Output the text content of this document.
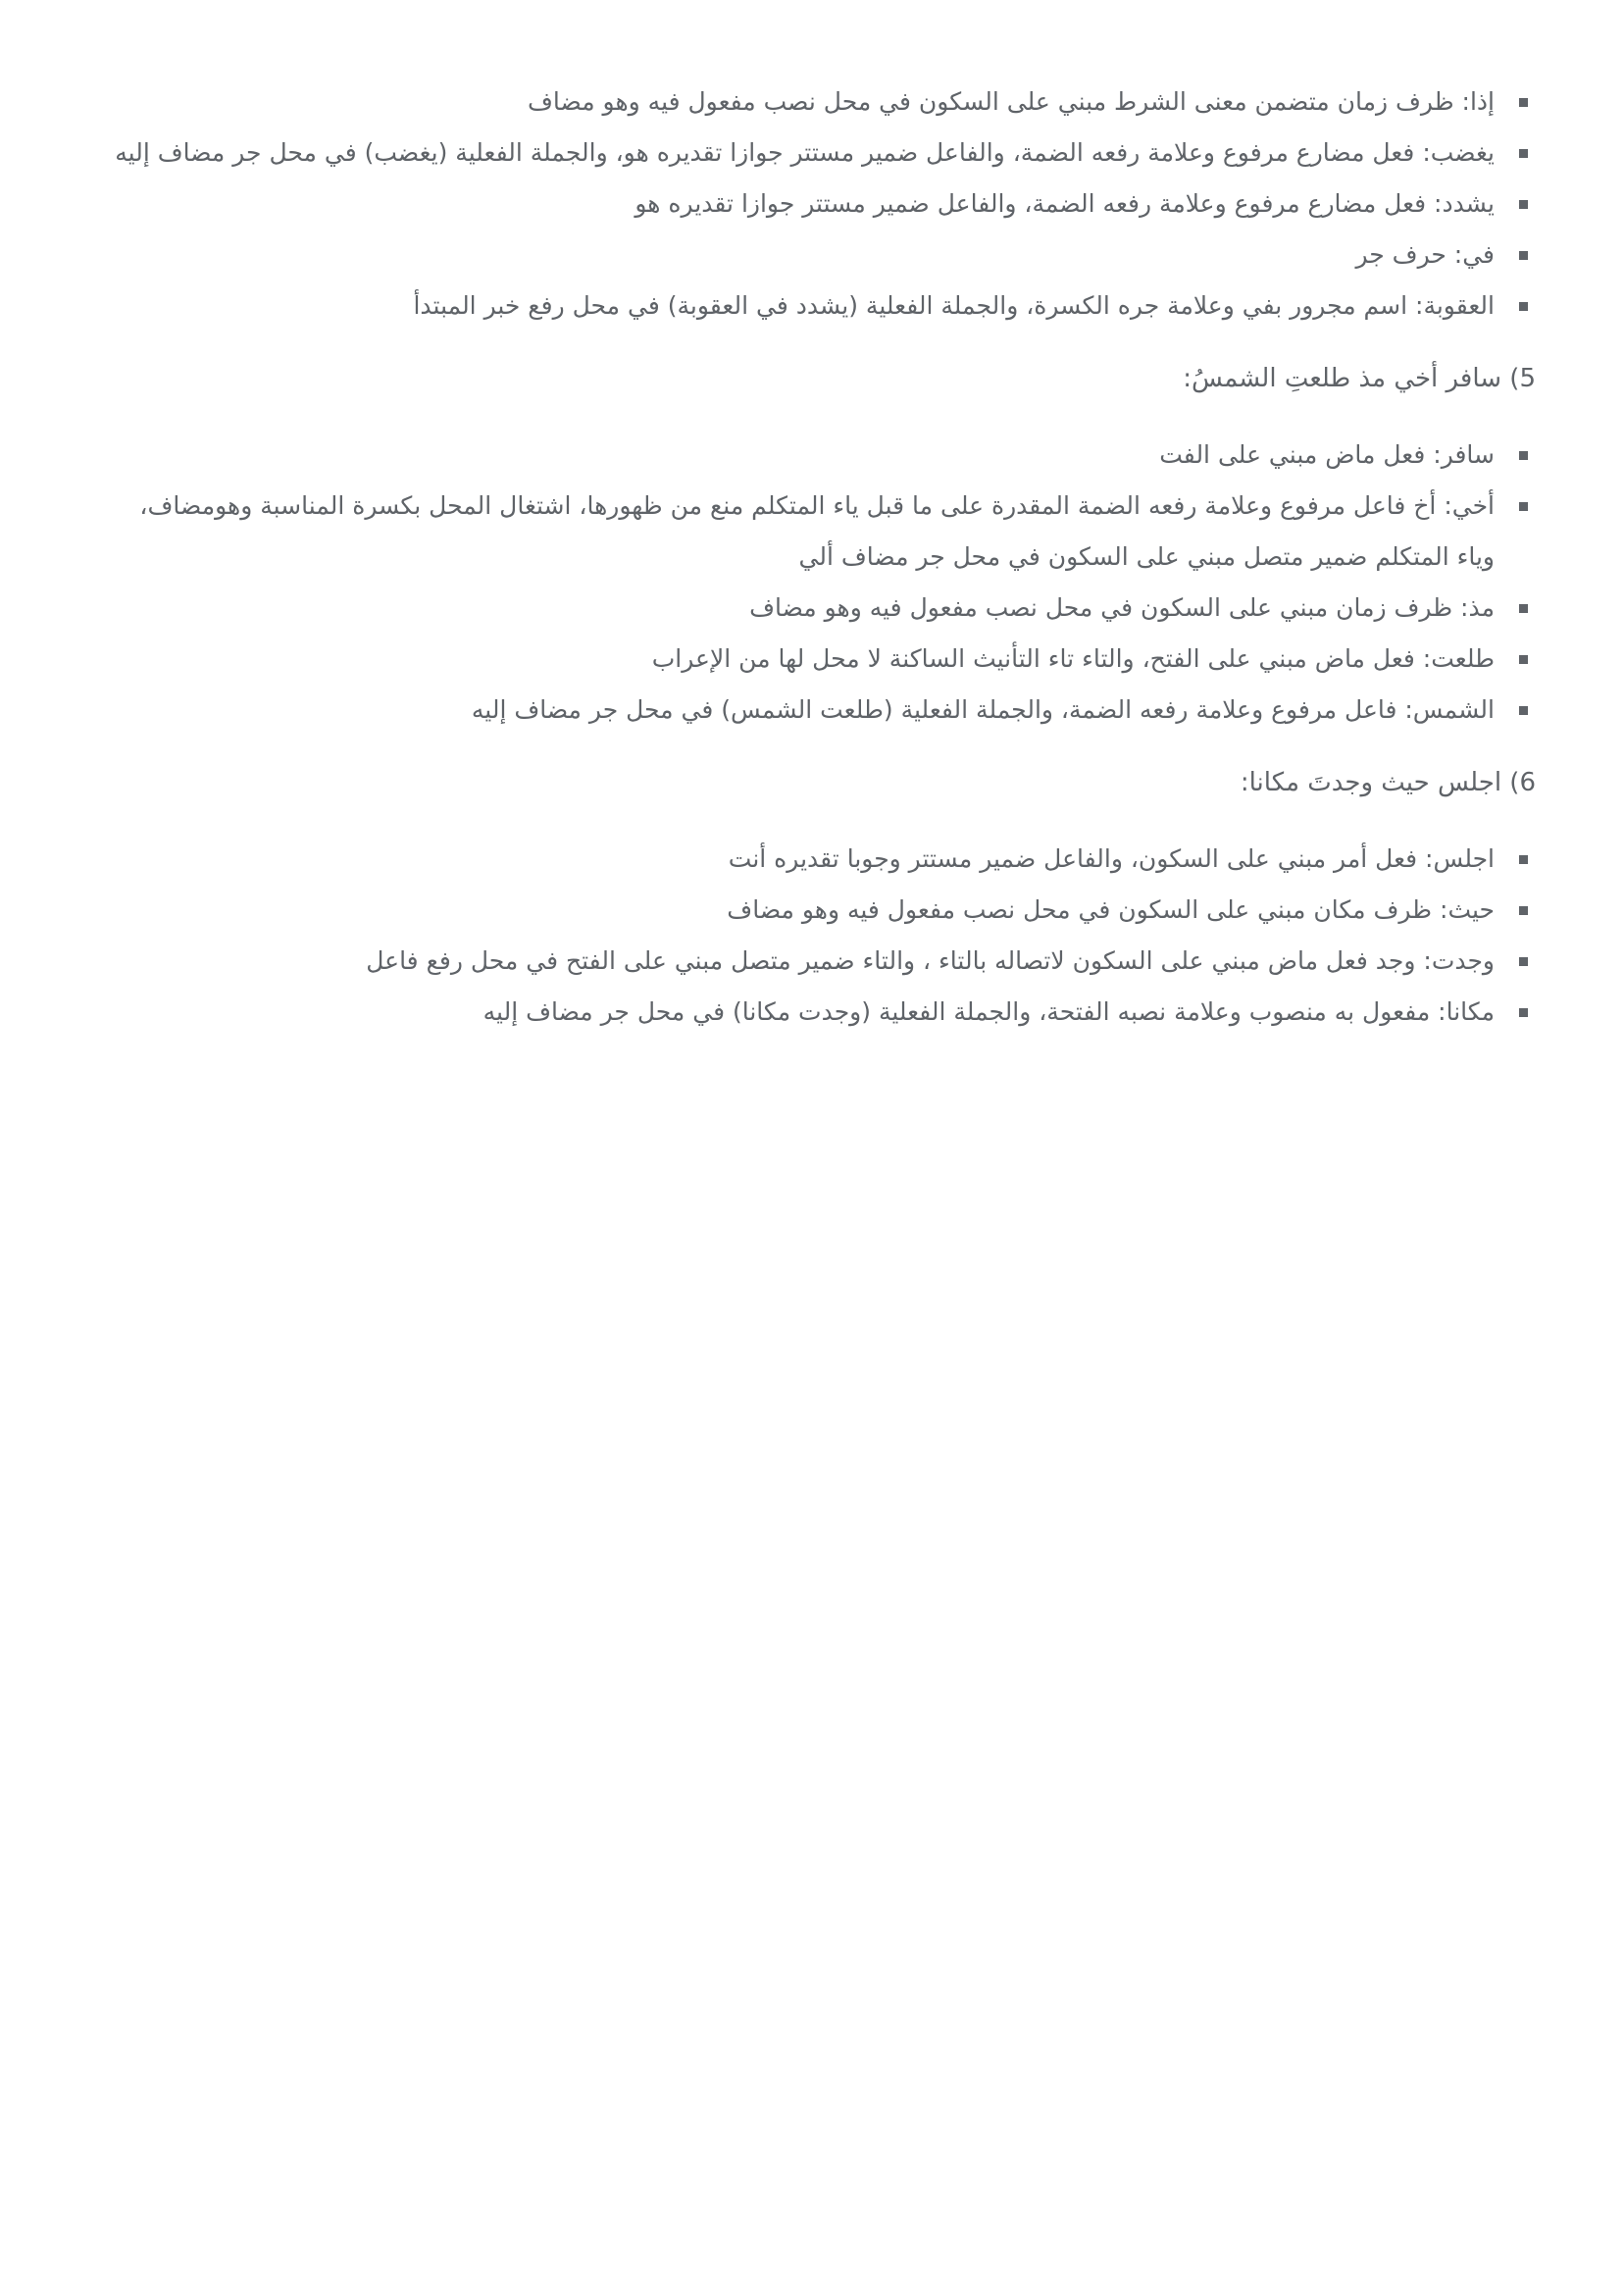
إذا: ظرف زمان متضمن معنى الشرط مبني على السكون في محل نصب مفعول فيه وهو مضاف
يغضب: فعل مضارع مرفوع وعلامة رفعه الضمة، والفاعل ضمير مستتر جوازا تقديره هو، والجملة الفعلية (يغضب) في محل جر مضاف إليه
يشدد: فعل مضارع مرفوع وعلامة رفعه الضمة، والفاعل ضمير مستتر جوازا تقديره هو
في: حرف جر
العقوبة: اسم مجرور بفي وعلامة جره الكسرة، والجملة الفعلية (يشدد في العقوبة) في محل رفع خبر المبتدأ
5) سافر أخي مذ طلعتِ الشمسُ:
سافر: فعل ماض مبني على الفت
أخي: أخ فاعل مرفوع وعلامة رفعه الضمة المقدرة على ما قبل ياء المتكلم منع من ظهورها، اشتغال المحل بكسرة المناسبة وهومضاف، وياء المتكلم ضمير متصل مبني على السكون في محل جر مضاف ألي
مذ: ظرف زمان مبني على السكون في محل نصب مفعول فيه وهو مضاف
طلعت: فعل ماض مبني على الفتح، والتاء تاء التأنيث الساكنة لا محل لها من الإعراب
الشمس: فاعل مرفوع وعلامة رفعه الضمة، والجملة الفعلية (طلعت الشمس) في محل جر مضاف إليه
6) اجلس حيث وجدتَ مكانا:
اجلس: فعل أمر مبني على السكون، والفاعل ضمير مستتر وجوبا تقديره أنت
حيث: ظرف مكان مبني على السكون في محل نصب مفعول فيه وهو مضاف
وجدت: وجد فعل ماض مبني على السكون لاتصاله بالتاء ، والتاء ضمير متصل مبني على الفتح في محل رفع فاعل
مكانا: مفعول به منصوب وعلامة نصبه الفتحة، والجملة الفعلية (وجدت مكانا) في محل جر مضاف إليه
